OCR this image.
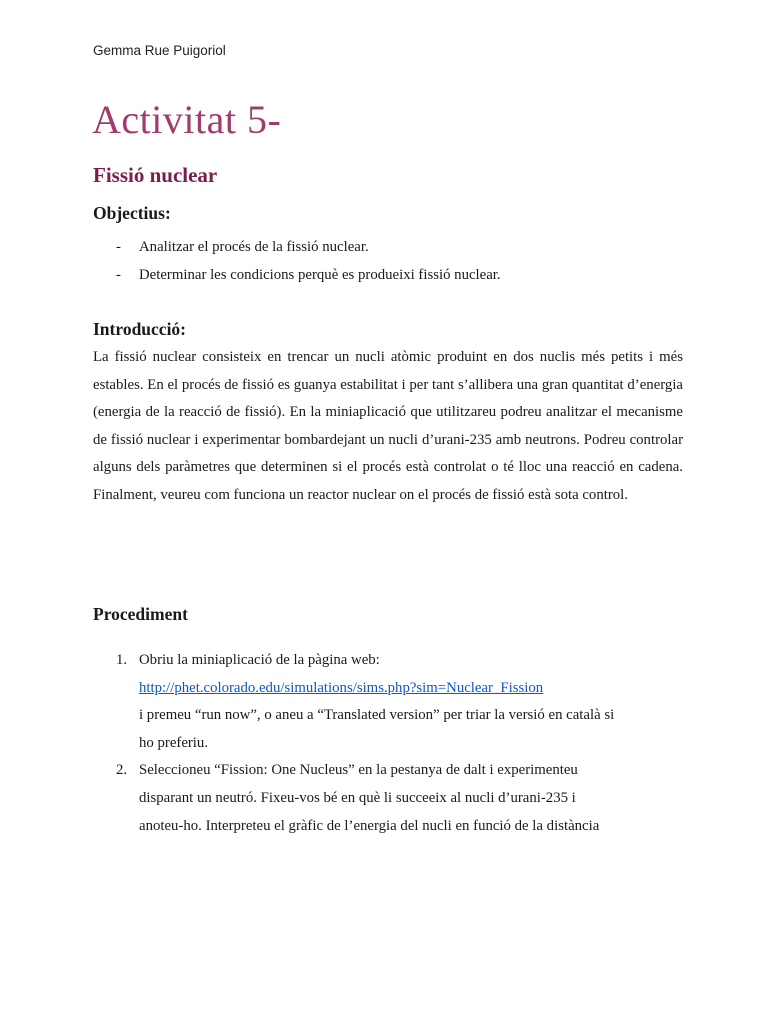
Gemma Rue Puigoriol
Activitat 5-
Fissió nuclear
Objectius:
- Analitzar el procés de la fissió nuclear.
- Determinar les condicions perquè es produeixi fissió nuclear.
Introducció:

La fissió nuclear consisteix en trencar un nucli atòmic produint en dos nuclis més petits i més estables. En el procés de fissió es guanya estabilitat i per tant s’allibera una gran quantitat d’energia (energia de la reacció de fissió). En la miniaplicació que utilitzareu podreu analitzar el mecanisme de fissió nuclear i experimentar bombardejant un nucli d’urani-235 amb neutrons. Podreu controlar alguns dels paràmetres que determinen si el procés està controlat o té lloc una reacció en cadena. Finalment, veureu com funciona un reactor nuclear on el procés de fissió està sota control.

Procediment
1. Obriu la miniaplicació de la pàgina web:
http://phet.colorado.edu/simulations/sims.php?sim=Nuclear_Fission
i premeu “run now”, o aneu a “Translated version” per triar la versió en català si
ho preferiu.
2. Seleccioneu “Fission: One Nucleus” en la pestanya de dalt i experimenteu
disparant un neutró. Fixeu-vos bé en què li succeeix al nucli d’urani-235 i
anoteu-ho. Interpreteu el gràfic de l’energia del nucli en funció de la distància
